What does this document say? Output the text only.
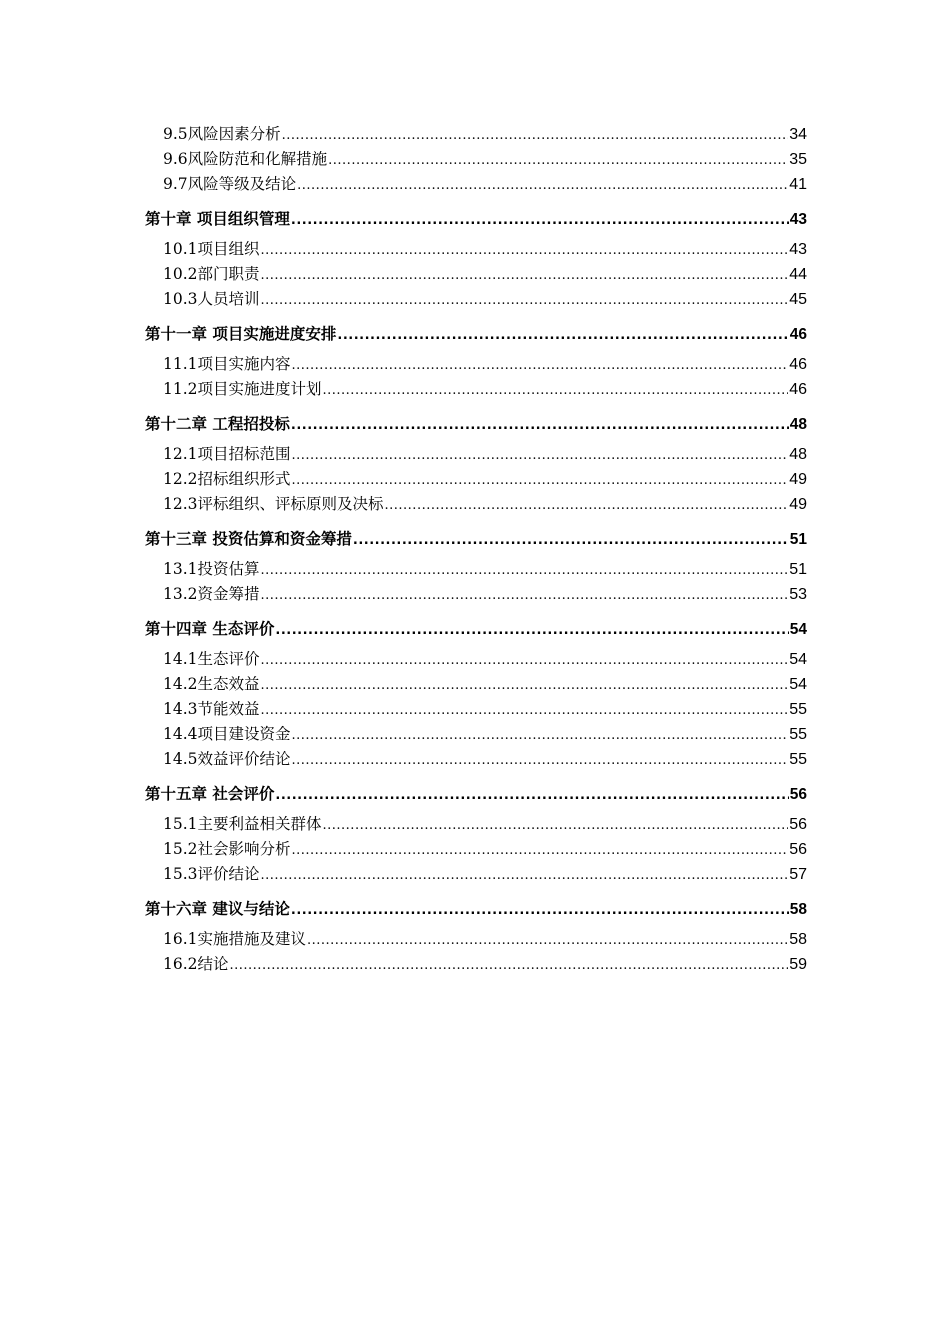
9.5风险因素分析 .....	34
9.6风险防范和化解措施 .....	35
9.7风险等级及结论 .....	41
第十章 项目组织管理 .....	43
10.1项目组织 .....	43
10.2部门职责 .....	44
10.3人员培训 .....	45
第十一章 项目实施进度安排 .....	46
11.1项目实施内容 .....	46
11.2项目实施进度计划 .....	46
第十二章 工程招投标 .....	48
12.1项目招标范围 .....	48
12.2招标组织形式 .....	49
12.3评标组织、评标原则及决标 .....	49
第十三章 投资估算和资金筹措 .....	51
13.1投资估算 .....	51
13.2资金筹措 .....	53
第十四章 生态评价 .....	54
14.1生态评价 .....	54
14.2生态效益 .....	54
14.3节能效益 .....	55
14.4项目建设资金 .....	55
14.5效益评价结论 .....	55
第十五章 社会评价 .....	56
15.1主要利益相关群体 .....	56
15.2社会影响分析 .....	56
15.3评价结论 .....	57
第十六章 建议与结论 .....	58
16.1实施措施及建议 .....	58
16.2结论 .....	59
